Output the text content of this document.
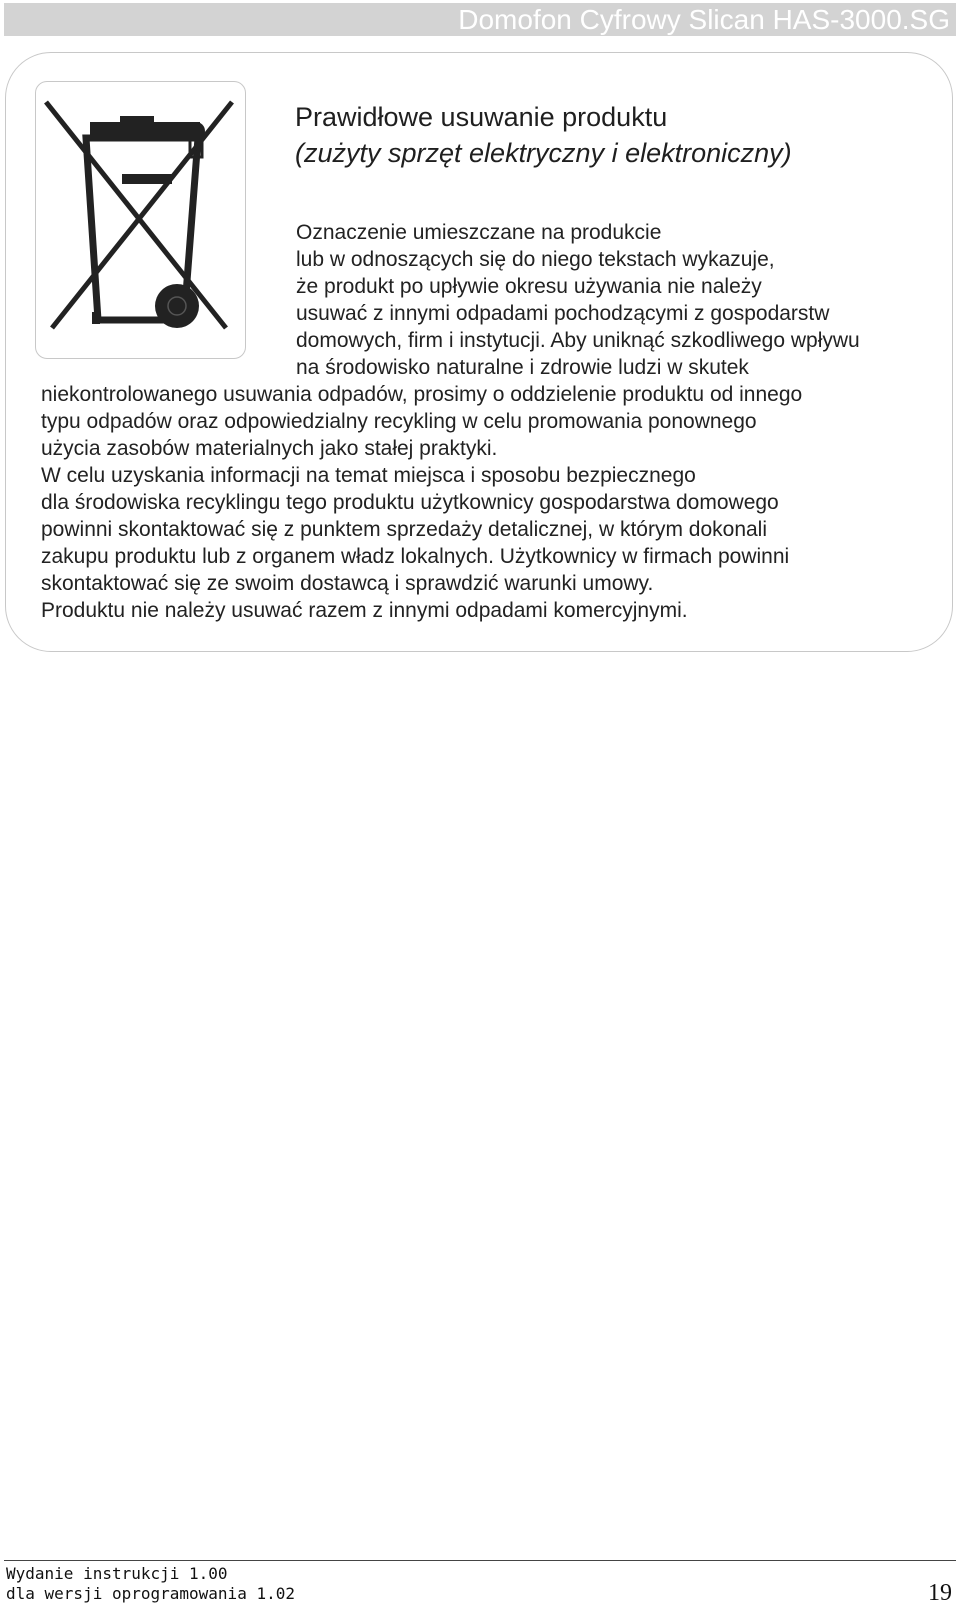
Domofon Cyfrowy Slican HAS-3000.SG
Prawidłowe usuwanie produktu
(zużyty sprzęt elektryczny i elektroniczny)
Oznaczenie umieszczane na produkcie
lub w odnoszących się do niego tekstach wykazuje,
że produkt po upływie okresu używania nie należy
usuwać z innymi odpadami pochodzącymi z gospodarstw
domowych, firm i instytucji. Aby uniknąć szkodliwego wpływu
na środowisko naturalne i zdrowie ludzi w skutek
niekontrolowanego usuwania odpadów, prosimy o oddzielenie produktu od innego
typu odpadów oraz odpowiedzialny recykling w celu promowania ponownego
użycia zasobów materialnych jako stałej praktyki.
W celu uzyskania informacji na temat miejsca i sposobu bezpiecznego
dla środowiska recyklingu tego produktu użytkownicy gospodarstwa domowego
powinni skontaktować się z punktem sprzedaży detalicznej, w którym dokonali
zakupu produktu lub z organem władz lokalnych. Użytkownicy w firmach powinni
skontaktować się ze swoim dostawcą i sprawdzić warunki umowy.
Produktu nie należy usuwać razem z innymi odpadami komercyjnymi.
Wydanie instrukcji 1.00
dla wersji oprogramowania 1.02	19
